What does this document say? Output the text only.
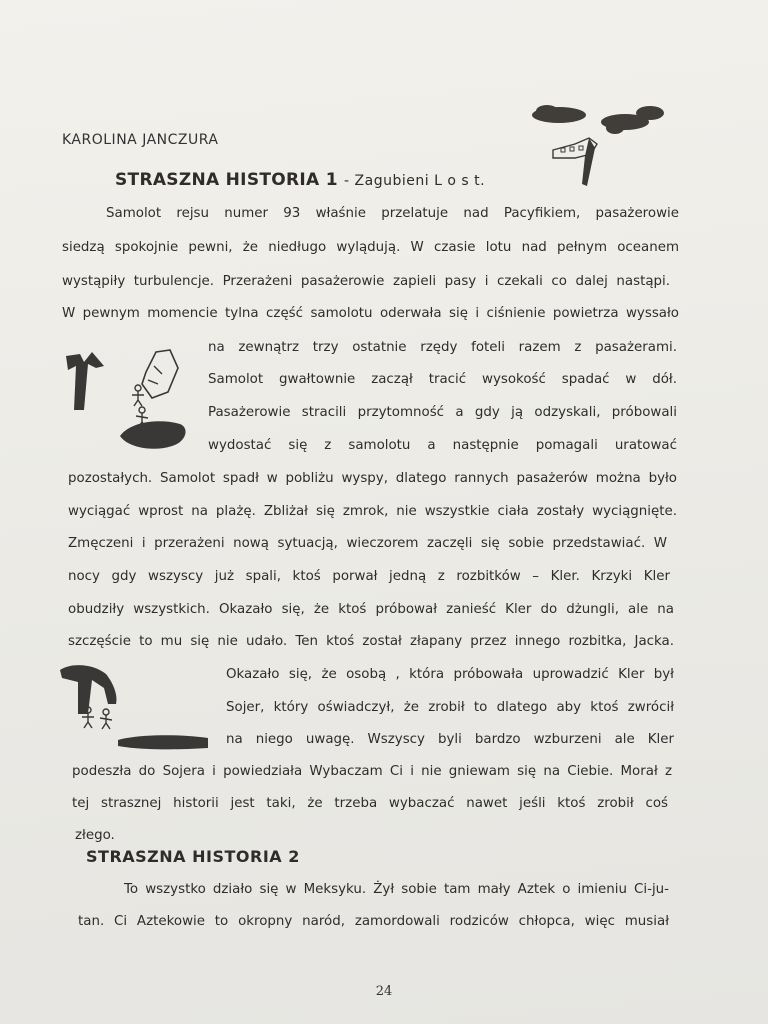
KAROLINA JANCZURA
STRASZNA HISTORIA 1 - Zagubieni L o s t.
Samolot rejsu numer 93 właśnie przelatuje nad Pacyfikiem, pasażerowie
siedzą spokojnie pewni, że niedługo wylądują. W czasie lotu nad pełnym oceanem
wystąpiły turbulencje. Przerażeni pasażerowie zapieli pasy i czekali co dalej nastąpi.
W pewnym momencie tylna część samolotu oderwała się i ciśnienie powietrza wyssało
na zewnątrz trzy ostatnie rzędy foteli razem z pasażerami.
Samolot gwałtownie zaczął tracić wysokość spadać w dół.
Pasażerowie stracili przytomność a gdy ją odzyskali, próbowali
wydostać się z samolotu a następnie pomagali uratować
pozostałych. Samolot spadł w pobliżu wyspy, dlatego rannych pasażerów można było
wyciągać wprost na plażę. Zbliżał się zmrok, nie wszystkie ciała zostały wyciągnięte.
Zmęczeni i przerażeni nową sytuacją, wieczorem zaczęli się sobie przedstawiać. W
nocy gdy wszyscy już spali, ktoś porwał jedną z rozbitków – Kler. Krzyki Kler
obudziły wszystkich. Okazało się, że ktoś próbował zanieść Kler do dżungli, ale na
szczęście to mu się nie udało. Ten ktoś został złapany przez innego rozbitka, Jacka.
Okazało się, że osobą , która próbowała uprowadzić Kler był
Sojer, który oświadczył, że zrobił to dlatego aby ktoś zwrócił
na niego uwagę. Wszyscy byli bardzo wzburzeni ale Kler
podeszła do Sojera i powiedziała Wybaczam Ci i nie gniewam się na Ciebie. Morał z
tej strasznej historii jest taki, że trzeba wybaczać nawet jeśli ktoś zrobił coś
złego.
STRASZNA HISTORIA 2
To wszystko działo się w Meksyku. Żył sobie tam mały Aztek o imieniu Ci-ju-
tan. Ci Aztekowie to okropny naród, zamordowali rodziców chłopca, więc musiał
24
